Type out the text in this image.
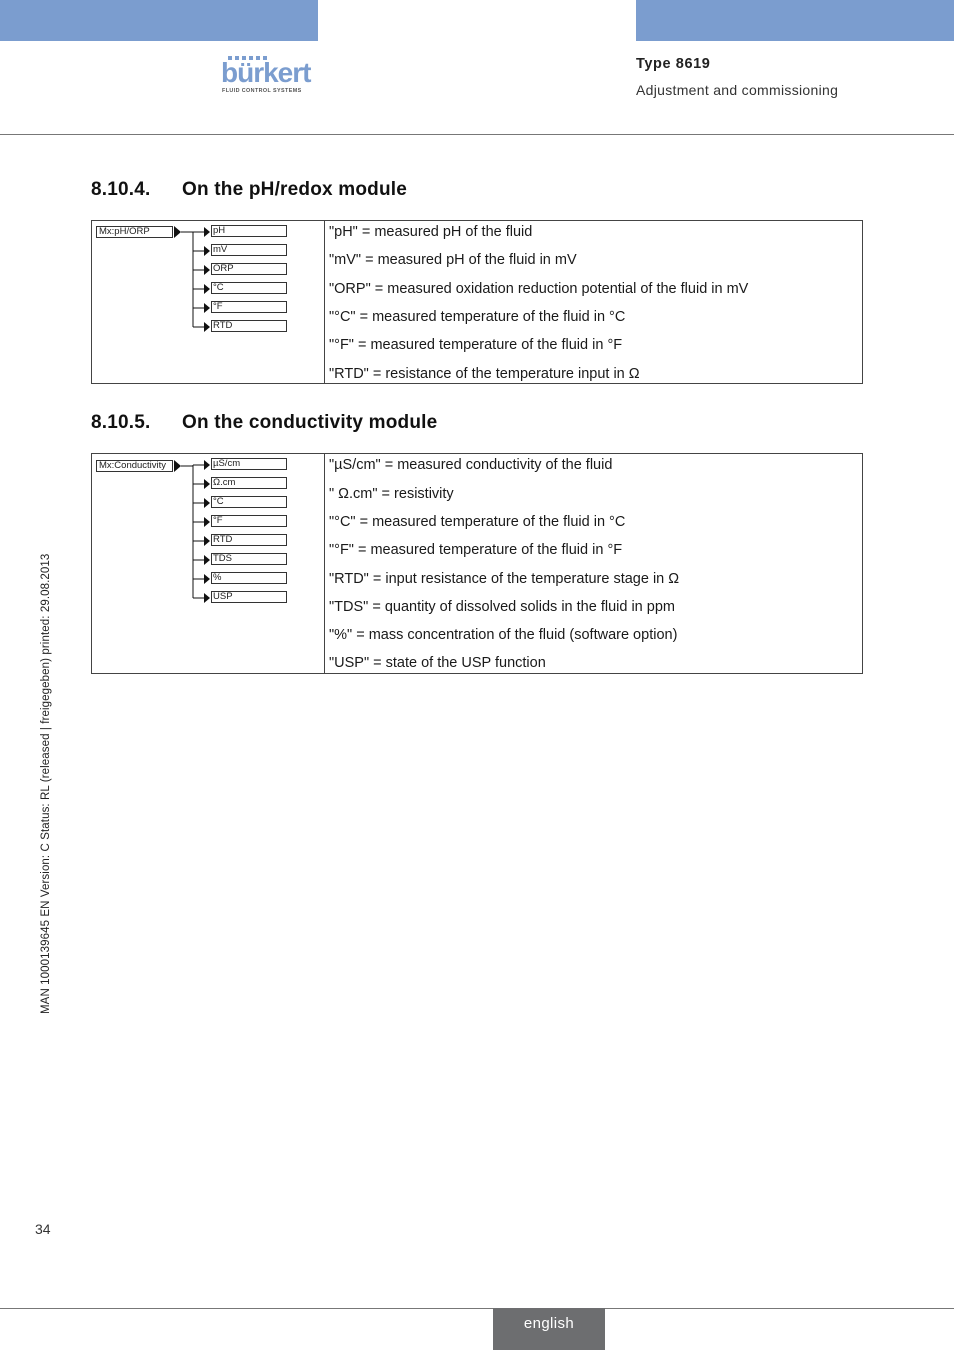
bürkert
FLUID CONTROL SYSTEMS
Type 8619
Adjustment and commissioning
8.10.4. On the pH/redox module
Mx:pH/ORP	pH
mV
ORP
°C
°F
RTD
"pH" = measured pH of the fluid
"mV" = measured pH of the fluid in mV
"ORP" = measured oxidation reduction potential of the fluid in mV
"°C" = measured temperature of the fluid in °C
"°F" = measured temperature of the fluid in °F
"RTD" = resistance of the temperature input in Ω
8.10.5. On the conductivity module
Mx:Conductivity	µS/cm
Ω.cm
°C
°F
RTD
TDS
%
USP
"µS/cm" = measured conductivity of the fluid
" Ω.cm" = resistivity
"°C" = measured temperature of the fluid in °C
"°F" = measured temperature of the fluid in °F
"RTD" = input resistance of the temperature stage in Ω
"TDS" = quantity of dissolved solids in the fluid in ppm
"%" = mass concentration of the fluid (software option)
"USP" = state of the USP function
MAN 1000139645 EN Version: C Status: RL (released | freigegeben) printed: 29.08.2013
34
english
